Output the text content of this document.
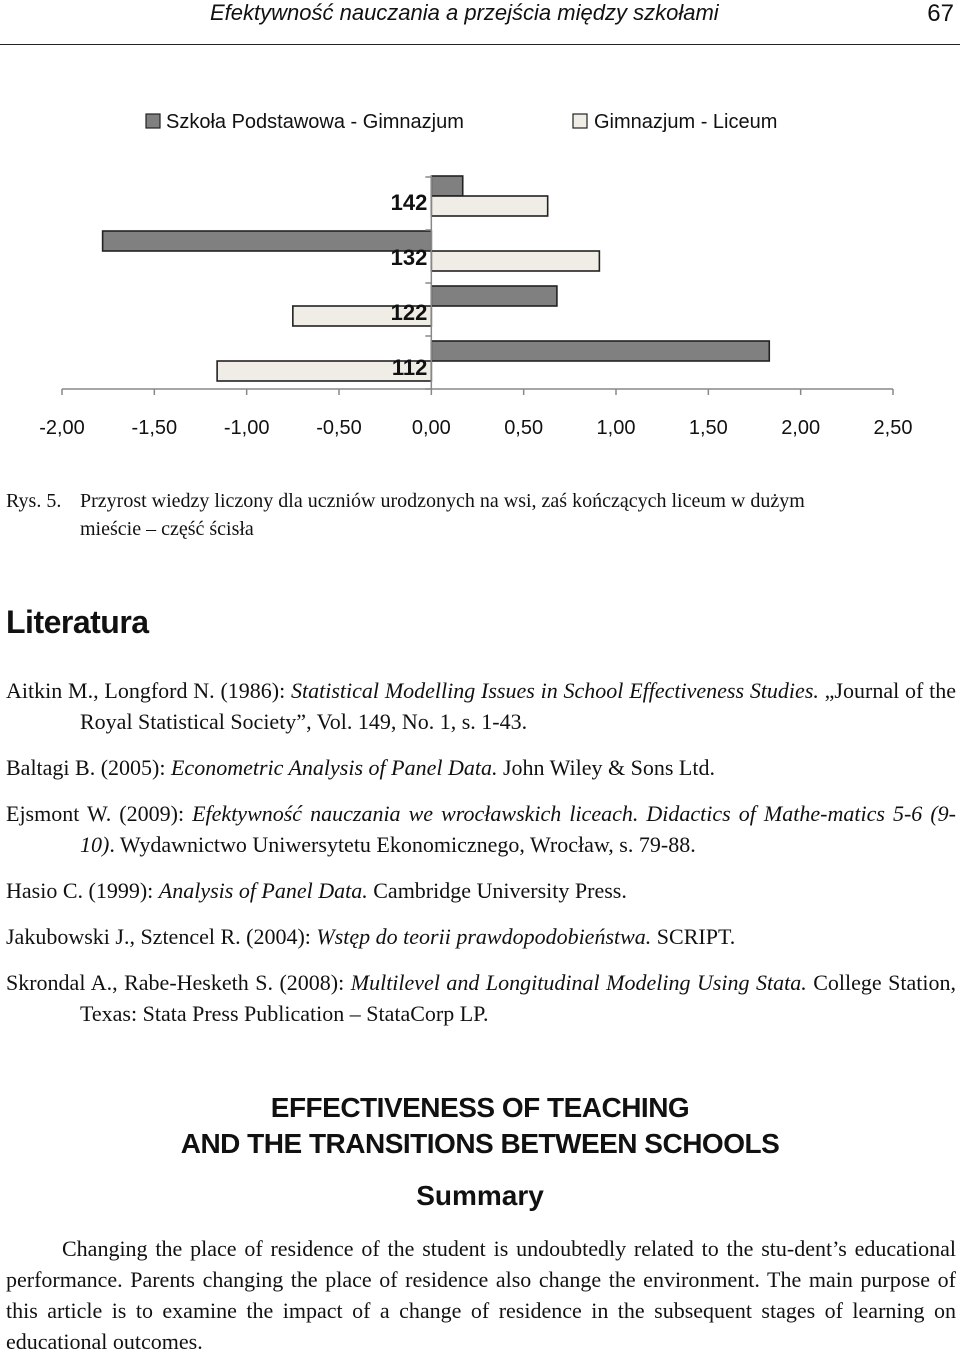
Efektywność nauczania a przejścia między szkołami	67
Szkoła Podstawowa - Gimnazjum	Gimnazjum - Liceum
142
132
122
112
-2,00 -1,50 -1,00 -0,50	0,00	0,50	1,00	1,50	2,00	2,50
Rys. 5. Przyrost wiedzy liczony dla uczniów urodzonych na wsi, zaś kończących liceum w dużym
mieście – część ścisła
Literatura

Aitkin M., Longford N. (1986): Statistical Modelling Issues in School Effectiveness Studies. „Journal of the Royal Statistical Society”, Vol. 149, No. 1, s. 1-43.

Baltagi B. (2005): Econometric Analysis of Panel Data. John Wiley & Sons Ltd.

Ejsmont W. (2009): Efektywność nauczania we wrocławskich liceach. Didactics of Mathe-matics 5-6 (9-10). Wydawnictwo Uniwersytetu Ekonomicznego, Wrocław, s. 79-88.

Hasio C. (1999): Analysis of Panel Data. Cambridge University Press.

Jakubowski J., Sztencel R. (2004): Wstęp do teorii prawdopodobieństwa. SCRIPT.

Skrondal A., Rabe-Hesketh S. (2008): Multilevel and Longitudinal Modeling Using Stata. College Station, Texas: Stata Press Publication – StataCorp LP.

EFFECTIVENESS OF TEACHING
AND THE TRANSITIONS BETWEEN SCHOOLS
Summary

Changing the place of residence of the student is undoubtedly related to the stu-dent’s educational performance. Parents changing the place of residence also change the environment. The main purpose of this article is to examine the impact of a change of residence in the subsequent stages of learning on educational outcomes.
